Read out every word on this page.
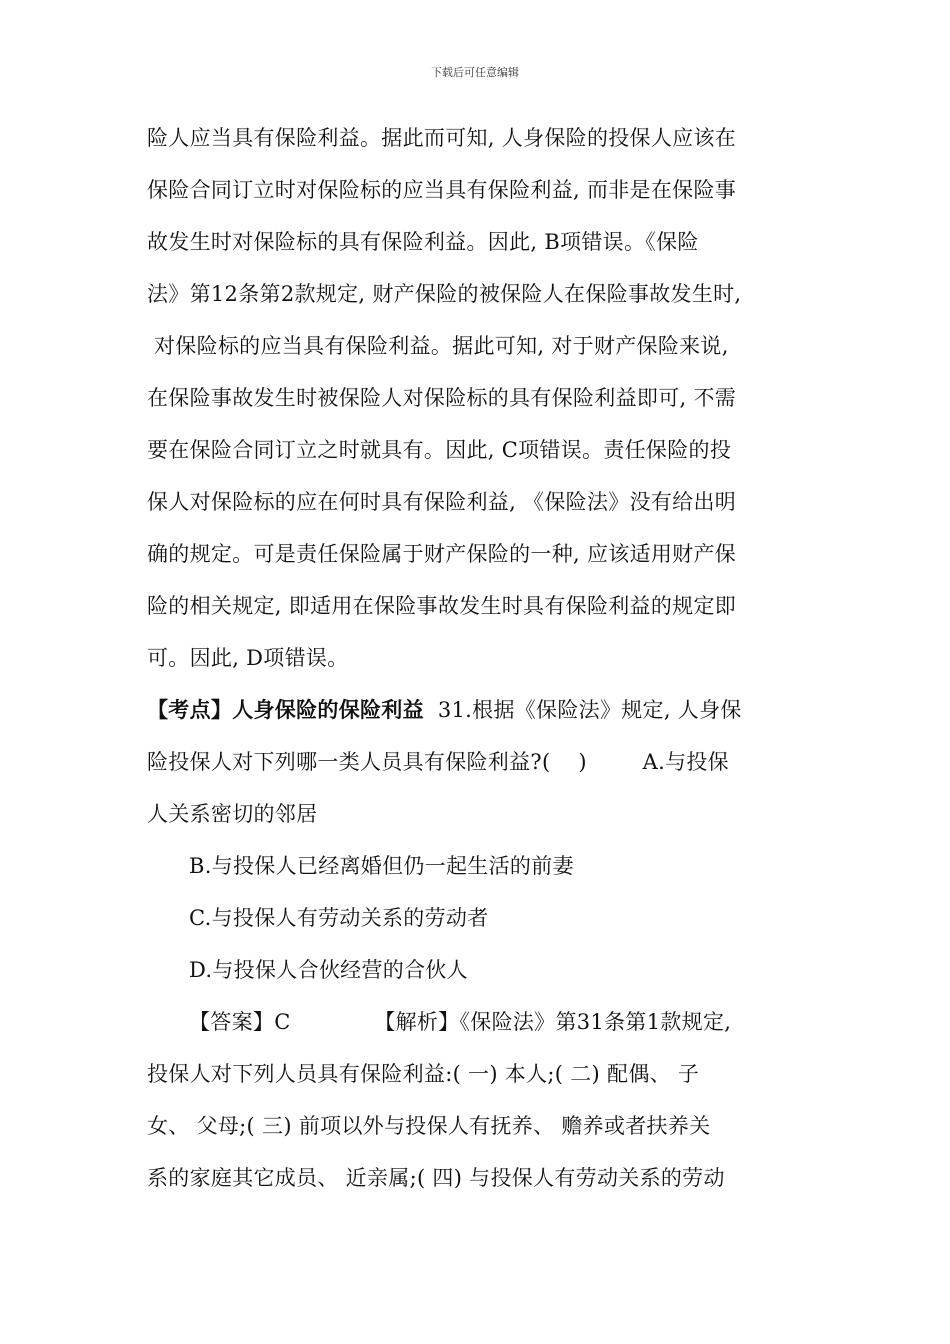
下载后可任意编辑
险人应当具有保险利益。据此而可知, 人身保险的投保人应该在
保险合同订立时对保险标的应当具有保险利益, 而非是在保险事
故发生时对保险标的具有保险利益。因此, B项错误。《保险
法》第12条第2款规定, 财产保险的被保险人在保险事故发生时,
对保险标的应当具有保险利益。据此可知, 对于财产保险来说,
在保险事故发生时被保险人对保险标的具有保险利益即可, 不需
要在保险合同订立之时就具有。因此, C项错误。责任保险的投
保人对保险标的应在何时具有保险利益, 《保险法》没有给出明
确的规定。可是责任保险属于财产保险的一种, 应该适用财产保
险的相关规定, 即适用在保险事故发生时具有保险利益的规定即
可。因此, D项错误。
【考点】人身保险的保险利益  31.根据《保险法》规定, 人身保
险投保人对下列哪一类人员具有保险利益?(    )        A.与投保
人关系密切的邻居
B.与投保人已经离婚但仍一起生活的前妻
C.与投保人有劳动关系的劳动者
D.与投保人合伙经营的合伙人
【答案】C            【解析】《保险法》第31条第1款规定,
投保人对下列人员具有保险利益:( 一) 本人;( 二) 配偶、 子
女、 父母;( 三) 前项以外与投保人有抚养、 赡养或者扶养关
系的家庭其它成员、 近亲属;( 四) 与投保人有劳动关系的劳动
